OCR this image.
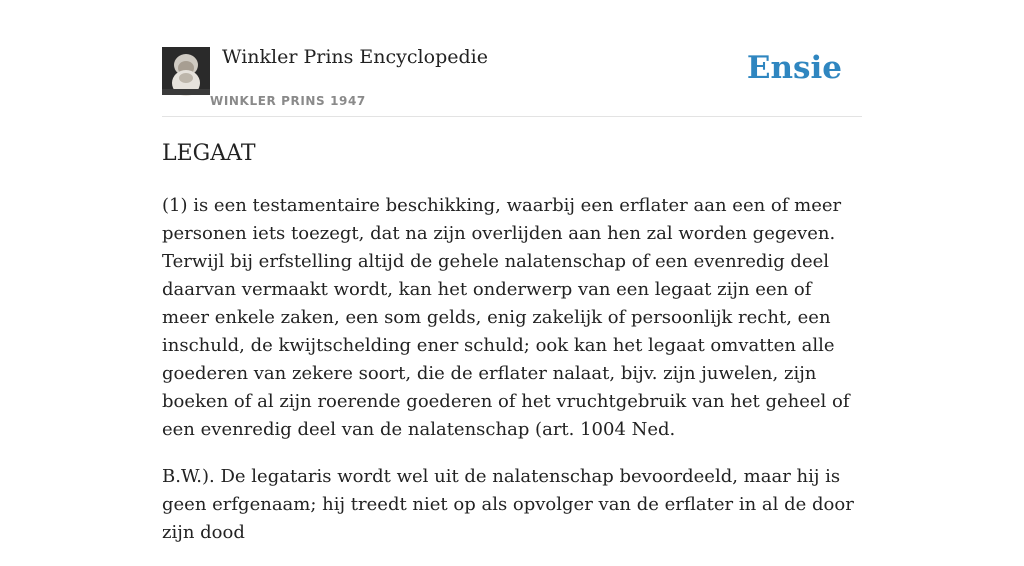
Winkler Prins Encyclopedie
WINKLER PRINS 1947
Ensie
LEGAAT

(1) is een testamentaire beschikking, waarbij een erflater aan een of meer personen iets toezegt, dat na zijn overlijden aan hen zal worden gegeven. Terwijl bij erfstelling altijd de gehele nalatenschap of een evenredig deel daarvan vermaakt wordt, kan het onderwerp van een legaat zijn een of meer enkele zaken, een som gelds, enig zakelijk of persoonlijk recht, een inschuld, de kwijtschelding ener schuld; ook kan het legaat omvatten alle goederen van zekere soort, die de erflater nalaat, bijv. zijn juwelen, zijn boeken of al zijn roerende goederen of het vruchtgebruik van het geheel of een evenredig deel van de nalatenschap (art. 1004 Ned.

B.W.). De legataris wordt wel uit de nalatenschap bevoordeeld, maar hij is geen erfgenaam; hij treedt niet op als opvolger van de erflater in al de door zijn dood
